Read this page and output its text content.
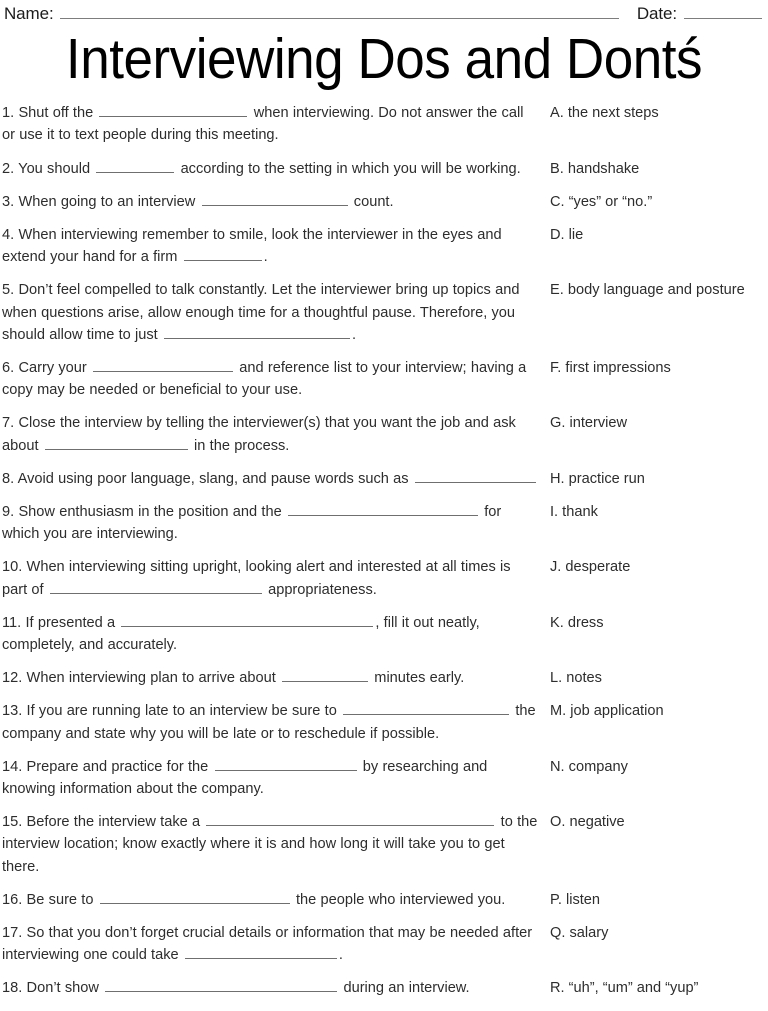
Name:	Date:
Interviewing Dos and Dontś
1. Shut off the	when interviewing. Do not answer the call or use it to text people during this meeting.
A. the next steps
2. You should	according to the setting in which you will be working.	B. handshake
3. When going to an interview	count.	C. “yes” or “no.”
4. When interviewing remember to smile, look the interviewer in the eyes and extend your hand for a firm	.
D. lie
5. Don’t feel compelled to talk constantly. Let the interviewer bring up topics and when questions arise, allow enough time for a thoughtful pause. Therefore, you should allow time to just	.
E. body language and posture
6. Carry your	and reference list to your interview; having a copy may be needed or beneficial to your use.
F. first impressions
7. Close the interview by telling the interviewer(s) that you want the job and ask about	in the process.
G. interview
8. Avoid using poor language, slang, and pause words such as	H. practice run
9. Show enthusiasm in the position and the	for which you are interviewing.
I. thank
10. When interviewing sitting upright, looking alert and interested at all times is part of	appropriateness.
J. desperate
11. If presented a	, fill it out neatly, completely, and accurately.
K. dress
12. When interviewing plan to arrive about	minutes early.	L. notes
13. If you are running late to an interview be sure to	the company and state why you will be late or to reschedule if possible.
M. job application
14. Prepare and practice for the	by researching and knowing information about the company.
N. company
15. Before the interview take a	to the interview location; know exactly where it is and how long it will take you to get there.
O. negative
16. Be sure to	the people who interviewed you.	P. listen
17. So that you don’t forget crucial details or information that may be needed after interviewing one could take	.
Q. salary
18. Don’t show	during an interview.	R. “uh”, “um” and “yup”
